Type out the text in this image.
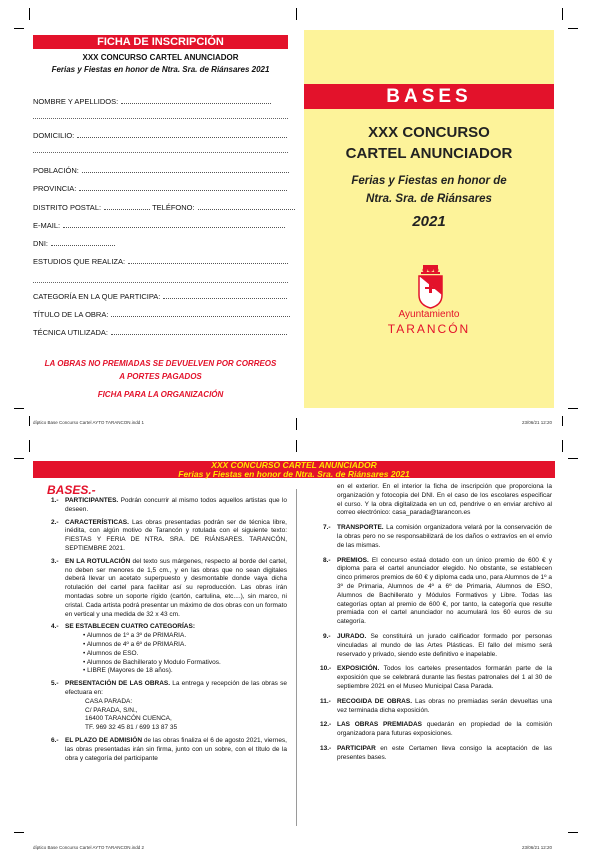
FICHA DE INSCRIPCIÓN
XXX CONCURSO CARTEL ANUNCIADOR
Ferias y Fiestas en honor de Ntra. Sra. de Riánsares 2021
NOMBRE Y APELLIDOS:
DOMICILIO:
POBLACIÓN:
PROVINCIA:
DISTRITO POSTAL:	TELÉFONO:
E-MAIL:
DNI:
ESTUDIOS QUE REALIZA:
CATEGORÍA EN LA QUE PARTICIPA:
TÍTULO DE LA OBRA:
TÉCNICA UTILIZADA:
LA OBRAS NO PREMIADAS SE DEVUELVEN POR CORREOS
A PORTES PAGADOS
FICHA PARA LA ORGANIZACIÓN
BASES
XXX CONCURSO
CARTEL ANUNCIADOR
Ferias y Fiestas en honor de
Ntra. Sra. de Riánsares
2021
Ayuntamiento
TARANCÓN
díptico Base Concurso Cartel AYTO TARANCON.indd 1	23/06/21 12:20
XXX CONCURSO CARTEL ANUNCIADOR
Ferias y Fiestas en honor de Ntra. Sra. de Riánsares 2021
BASES.-
1.- PARTICIPANTES. Podrán concurrir al mismo todos aquellos artistas que lo deseen.
2.- CARACTERÍSTICAS. Las obras presentadas podrán ser de técnica libre, inédita, con algún motivo de Tarancón y rotulada con el siguiente texto: FIESTAS Y FERIA DE NTRA. SRA. DE RIÁNSARES. TARANCÓN, SEPTIEMBRE 2021.
3.- EN LA ROTULACIÓN del texto sus márgenes, respecto al borde del cartel, no deben ser menores de 1,5 cm., y en las obras que no sean digitales deberá llevar un acetato superpuesto y desmontable donde vaya dicha rotulación del cartel para facilitar así su reproducción. Las obras irán montadas sobre un soporte rígido (cartón, cartulina, etc....), sin marco, ni cristal. Cada artista podrá presentar un máximo de dos obras con un formato en vertical y una medida de 32 x 43 cm.
4.- SE ESTABLECEN CUATRO CATEGORÍAS:
• Alumnos de 1º a 3º de PRIMARIA.
• Alumnos de 4º a 6º de PRIMARIA.
• Alumnos de ESO.
• Alumnos de Bachillerato y Modulo Formativos.
• LIBRE (Mayores de 18 años).
5.- PRESENTACIÓN DE LAS OBRAS. La entrega y recepción de las obras se efectuara en:
CASA PARADA:
C/ PARADA, S/N.,
16400 TARANCÓN CUENCA,
TF. 969 32 45 81 / 699 13 87 35
6.- EL PLAZO DE ADMISIÓN de las obras finaliza el 6 de agosto 2021, viernes, las obras presentadas irán sin firma, junto con un sobre, con el título de la obra y categoría del participante
en el exterior. En el interior la ficha de inscripción que proporciona la organización y fotocopia del DNI. En el caso de los escolares especificar el curso. Y la obra digitalizada en un cd, pendrive o en enviar archivo al correo electrónico: casa_parada@tarancon.es
7.- TRANSPORTE. La comisión organizadora velará por la conservación de la obras pero no se responsabilizará de los daños o extravíos en el envío de las mismas.
8.- PREMIOS. El concurso estaá dotado con un único premio de 600 € y diploma para el cartel anunciador elegido. No obstante, se establecen cinco primeros premios de 60 € y diploma cada uno, para Alumnos de 1º a 3º de Primaria, Alumnos de 4º a 6º de Primaria, Alumnos de ESO, Alumnos de Bachillerato y Módulos Formativos y Libre. Todas las categorías optan al premio de 600 €, por tanto, la categoría que resulte premiada con el cartel anunciador no acumulará los 60 euros de su categoría.
9.- JURADO. Se constituirá un jurado calificador formado por personas vinculadas al mundo de las Artes Plásticas. El fallo del mismo será reservado y privado, siendo este definitivo e inapelable.
10.- EXPOSICIÓN. Todos los carteles presentados formarán parte de la exposición que se celebrará durante las fiestas patronales del 1 al 30 de septiembre 2021 en el Museo Municipal Casa Parada.
11.- RECOGIDA DE OBRAS. Las obras no premiadas serán devueltas una vez terminada dicha exposición.
12.- LAS OBRAS PREMIADAS quedarán en propiedad de la comisión organizadora para futuras exposiciones.
13.- PARTICIPAR en este Certamen lleva consigo la aceptación de las presentes bases.
díptico Base Concurso Cartel AYTO TARANCON.indd 2	23/06/21 12:20
